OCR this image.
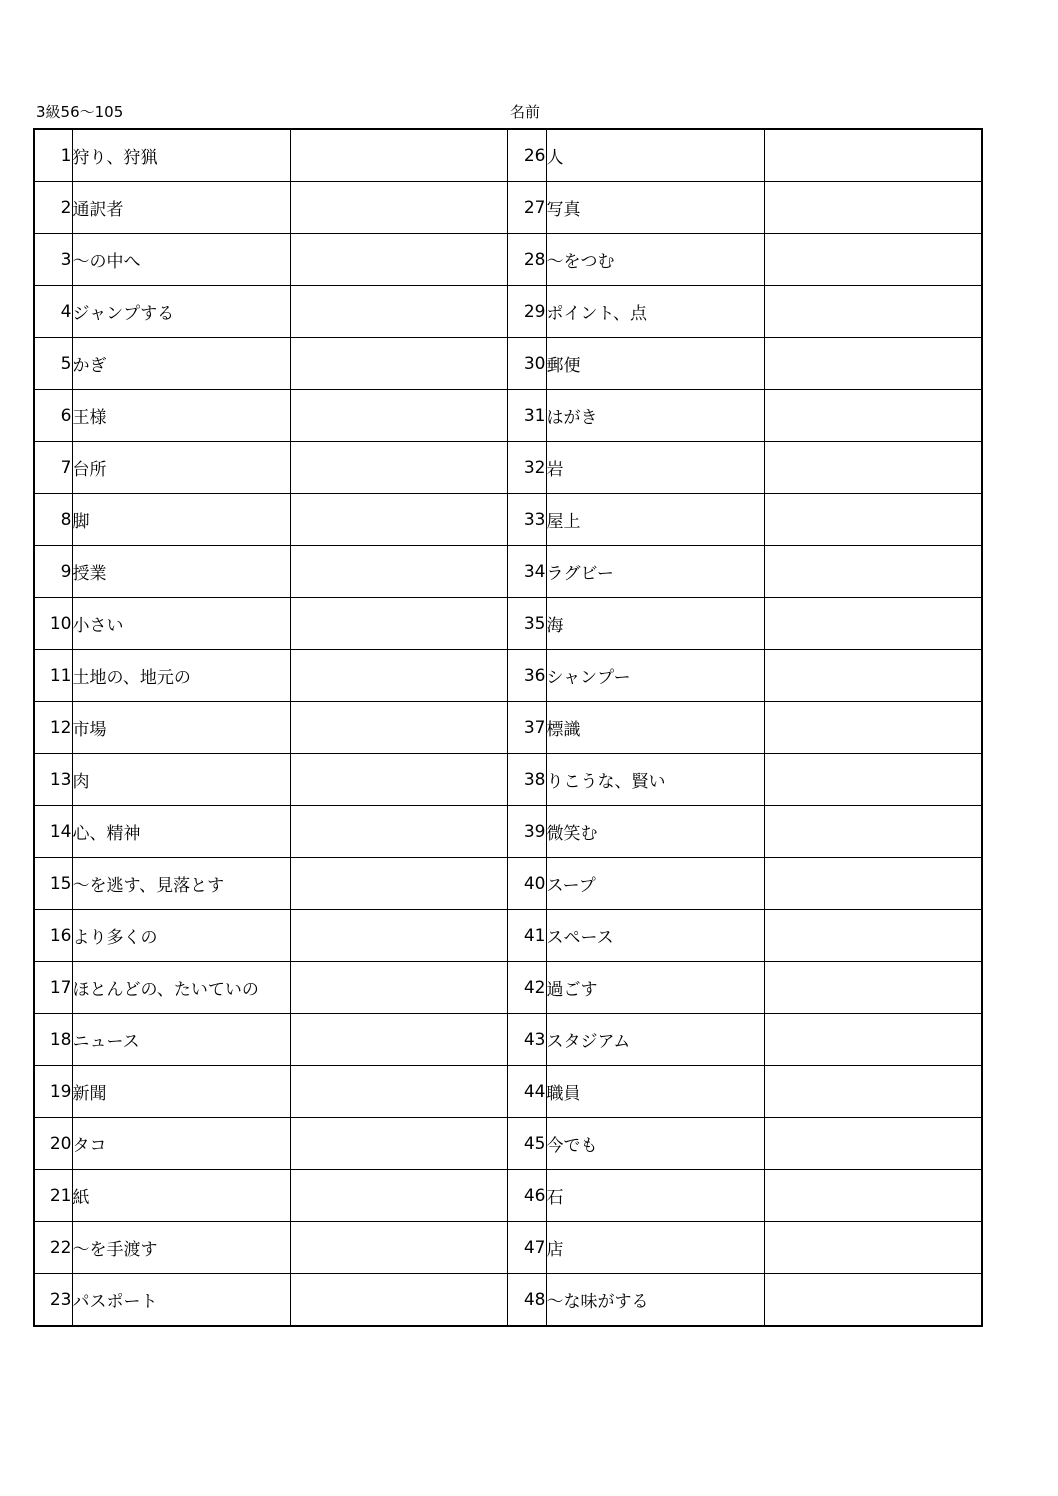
3級56～105	名前
1	狩り、狩猟		26	人	
2	通訳者		27	写真	
3	～の中へ		28	～をつむ	
4	ジャンプする		29	ポイント、点	
5	かぎ		30	郵便	
6	王様		31	はがき	
7	台所		32	岩	
8	脚		33	屋上	
9	授業		34	ラグビー	
10	小さい		35	海	
11	土地の、地元の		36	シャンプー	
12	市場		37	標識	
13	肉		38	りこうな、賢い	
14	心、精神		39	微笑む	
15	～を逃す、見落とす		40	スープ	
16	より多くの		41	スペース	
17	ほとんどの、たいていの		42	過ごす	
18	ニュース		43	スタジアム	
19	新聞		44	職員	
20	タコ		45	今でも	
21	紙		46	石	
22	～を手渡す		47	店	
23	パスポート		48	～な味がする	
